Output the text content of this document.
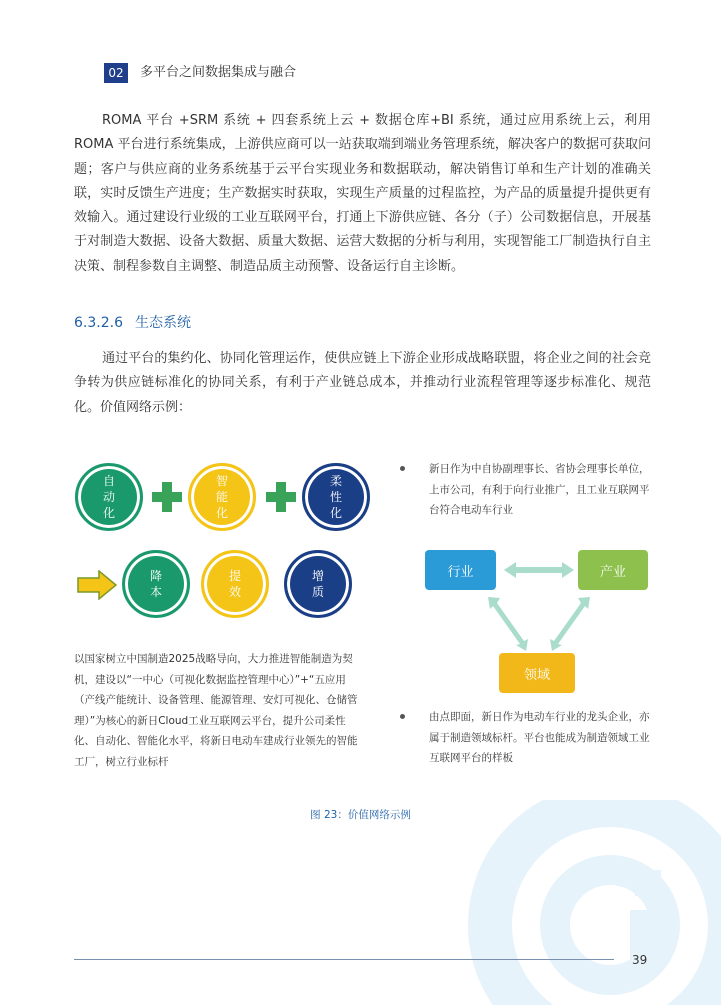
02	多平台之间数据集成与融合
ROMA 平台 +SRM 系统 + 四套系统上云 + 数据仓库+BI 系统，通过应用系统上云，利用 ROMA 平台进行系统集成，上游供应商可以一站获取端到端业务管理系统，解决客户的数据可获取问题；客户与供应商的业务系统基于云平台实现业务和数据联动，解决销售订单和生产计划的准确关联，实时反馈生产进度；生产数据实时获取，实现生产质量的过程监控，为产品的质量提升提供更有效输入。通过建设行业级的工业互联网平台，打通上下游供应链、各分（子）公司数据信息，开展基于对制造大数据、设备大数据、质量大数据、运营大数据的分析与利用，实现智能工厂制造执行自主决策、制程参数自主调整、制造品质主动预警、设备运行自主诊断。
6.3.2.6 生态系统
通过平台的集约化、协同化管理运作，使供应链上下游企业形成战略联盟，将企业之间的社会竞争转为供应链标准化的协同关系，有利于产业链总成本，并推动行业流程管理等逐步标准化、规范化。价值网络示例：
自
动
化
智
能
化
柔
性
化
降
本
提
效
增
质
以国家树立中国制造2025战略导向，大力推进智能制造为契机，建设以“一中心（可视化数据监控管理中心）”+“五应用（产线产能统计、设备管理、能源管理、安灯可视化、仓储管理）”为核心的新日Cloud工业互联网云平台，提升公司柔性化、自动化、智能化水平，将新日电动车建成行业领先的智能工厂，树立行业标杆
新日作为中自协副理事长、省协会理事长单位，上市公司，有利于向行业推广，且工业互联网平台符合电动车行业
行业	产业
领域
由点即面，新日作为电动车行业的龙头企业，亦属于制造领域标杆。平台也能成为制造领域工业互联网平台的样板
图 23：价值网络示例
39
